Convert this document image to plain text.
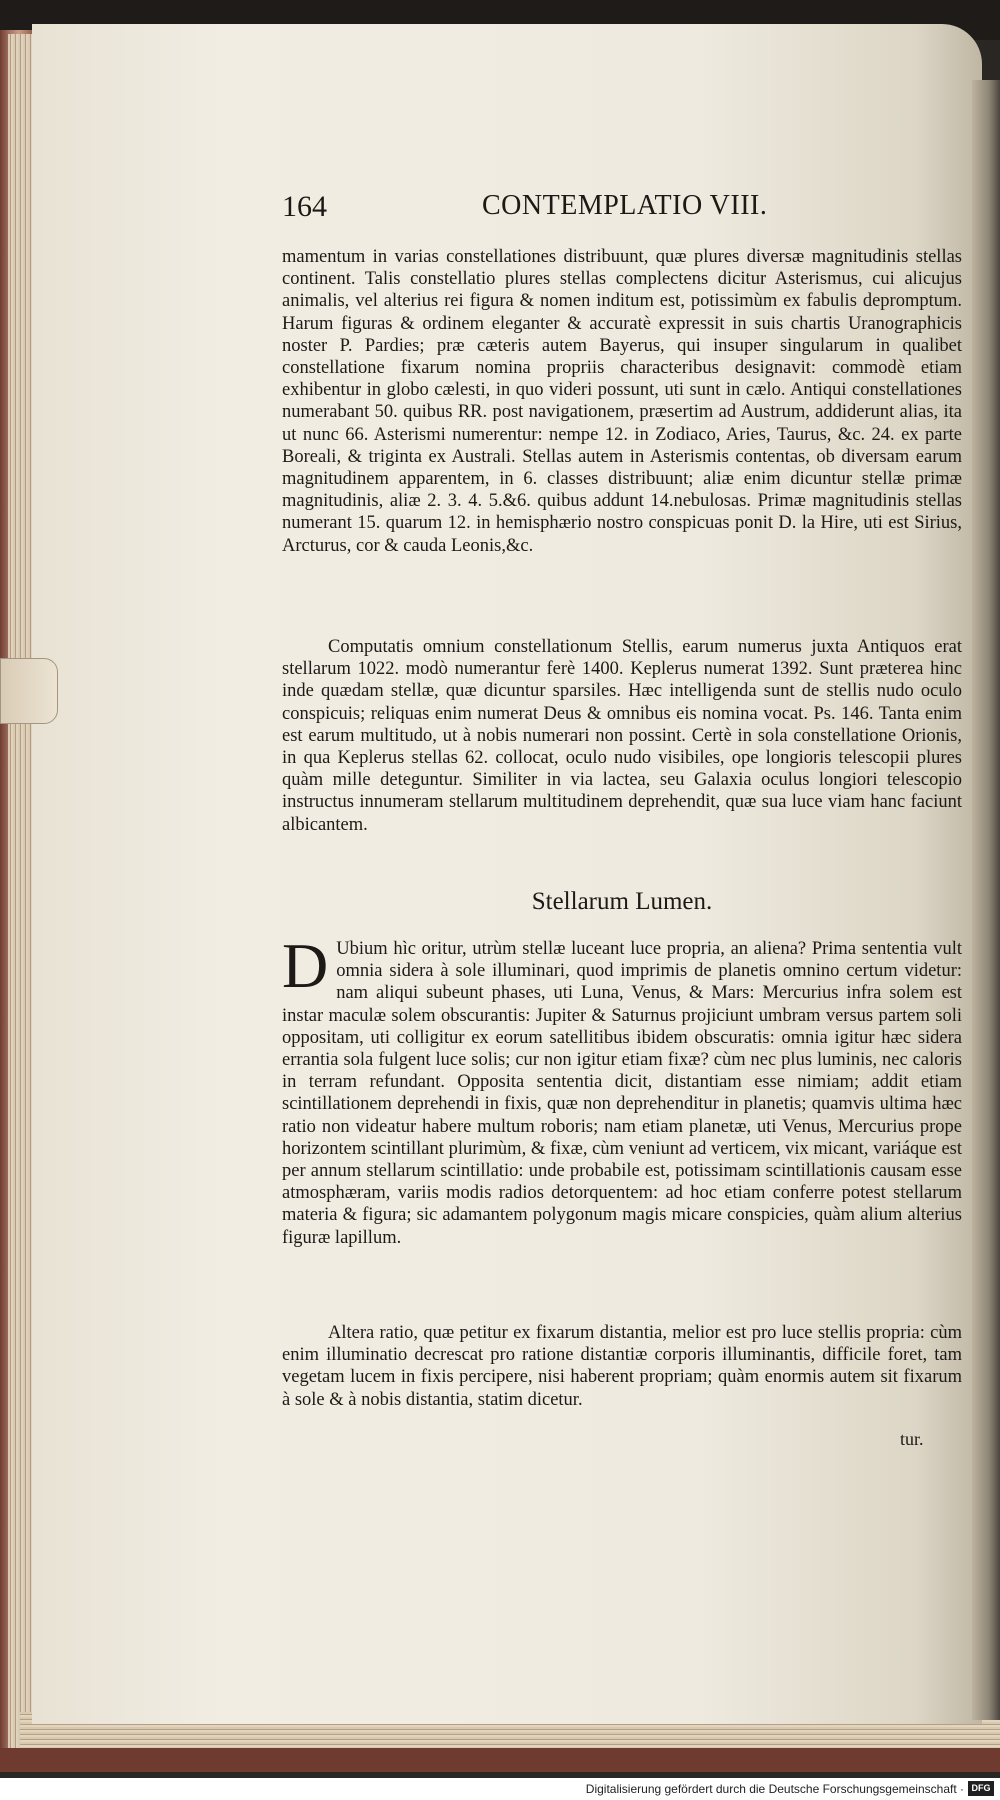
164	CONTEMPLATIO VIII.

mamentum in varias constellationes distribuunt, quæ plures diversæ magnitudinis stellas continent. Talis constellatio plures stellas complectens dicitur Asterismus, cui alicujus animalis, vel alterius rei figura & nomen inditum est, potissimùm ex fabulis depromptum. Harum figuras & ordinem eleganter & accuratè expressit in suis chartis Uranographicis noster P. Pardies; præ cæteris autem Bayerus, qui insuper singularum in qualibet constellatione fixarum nomina propriis characteribus designavit: commodè etiam exhibentur in globo cælesti, in quo videri possunt, uti sunt in cælo. Antiqui constellationes numerabant 50. quibus RR. post navigationem, præsertim ad Austrum, addiderunt alias, ita ut nunc 66. Asterismi numerentur: nempe 12. in Zodiaco, Aries, Taurus, &c. 24. ex parte Boreali, & triginta ex Australi. Stellas autem in Asterismis contentas, ob diversam earum magnitudinem apparentem, in 6. classes distribuunt; aliæ enim dicuntur stellæ primæ magnitudinis, aliæ 2. 3. 4. 5.&6. quibus addunt 14.nebulosas. Primæ magnitudinis stellas numerant 15. quarum 12. in hemisphærio nostro conspicuas ponit D. la Hire, uti est Sirius, Arcturus, cor & cauda Leonis,&c.

Computatis omnium constellationum Stellis, earum numerus juxta Antiquos erat stellarum 1022. modò numerantur ferè 1400. Keplerus numerat 1392. Sunt præterea hinc inde quædam stellæ, quæ dicuntur sparsiles. Hæc intelligenda sunt de stellis nudo oculo conspicuis; reliquas enim numerat Deus & omnibus eis nomina vocat. Ps. 146. Tanta enim est earum multitudo, ut à nobis numerari non possint. Certè in sola constellatione Orionis, in qua Keplerus stellas 62. collocat, oculo nudo visibiles, ope longioris telescopii plures quàm mille deteguntur. Similiter in via lactea, seu Galaxia oculus longiori telescopio instructus innumeram stellarum multitudinem deprehendit, quæ sua luce viam hanc faciunt albicantem.

Stellarum Lumen.
D Ubium hìc oritur, utrùm stellæ luceant luce propria, an aliena? Prima sententia vult omnia sidera à sole illuminari, quod imprimis de planetis omnino certum videtur: nam aliqui subeunt phases, uti Luna, Venus, & Mars: Mercurius infra solem est instar maculæ solem obscurantis: Jupiter & Saturnus projiciunt umbram versus partem soli oppositam, uti colligitur ex eorum satellitibus ibidem obscuratis: omnia igitur hæc sidera errantia sola fulgent luce solis; cur non igitur etiam fixæ? cùm nec plus luminis, nec caloris in terram refundant. Opposita sententia dicit, distantiam esse nimiam; addit etiam scintillationem deprehendi in fixis, quæ non deprehenditur in planetis; quamvis ultima hæc ratio non videatur habere multum roboris; nam etiam planetæ, uti Venus, Mercurius prope horizontem scintillant plurimùm, & fixæ, cùm veniunt ad verticem, vix micant, variáque est per annum stellarum scintillatio: unde probabile est, potissimam scintillationis causam esse atmosphæram, variis modis radios detorquentem: ad hoc etiam conferre potest stellarum materia & figura; sic adamantem polygonum magis micare conspicies, quàm alium alterius figuræ lapillum.

Altera ratio, quæ petitur ex fixarum distantia, melior est pro luce stellis propria: cùm enim illuminatio decrescat pro ratione distantiæ corporis illuminantis, difficile foret, tam vegetam lucem in fixis percipere, nisi haberent propriam; quàm enormis autem sit fixarum à sole & à nobis distantia, statim dicetur.

tur.
Digitalisierung gefördert durch die Deutsche Forschungsgemeinschaft · DFG
